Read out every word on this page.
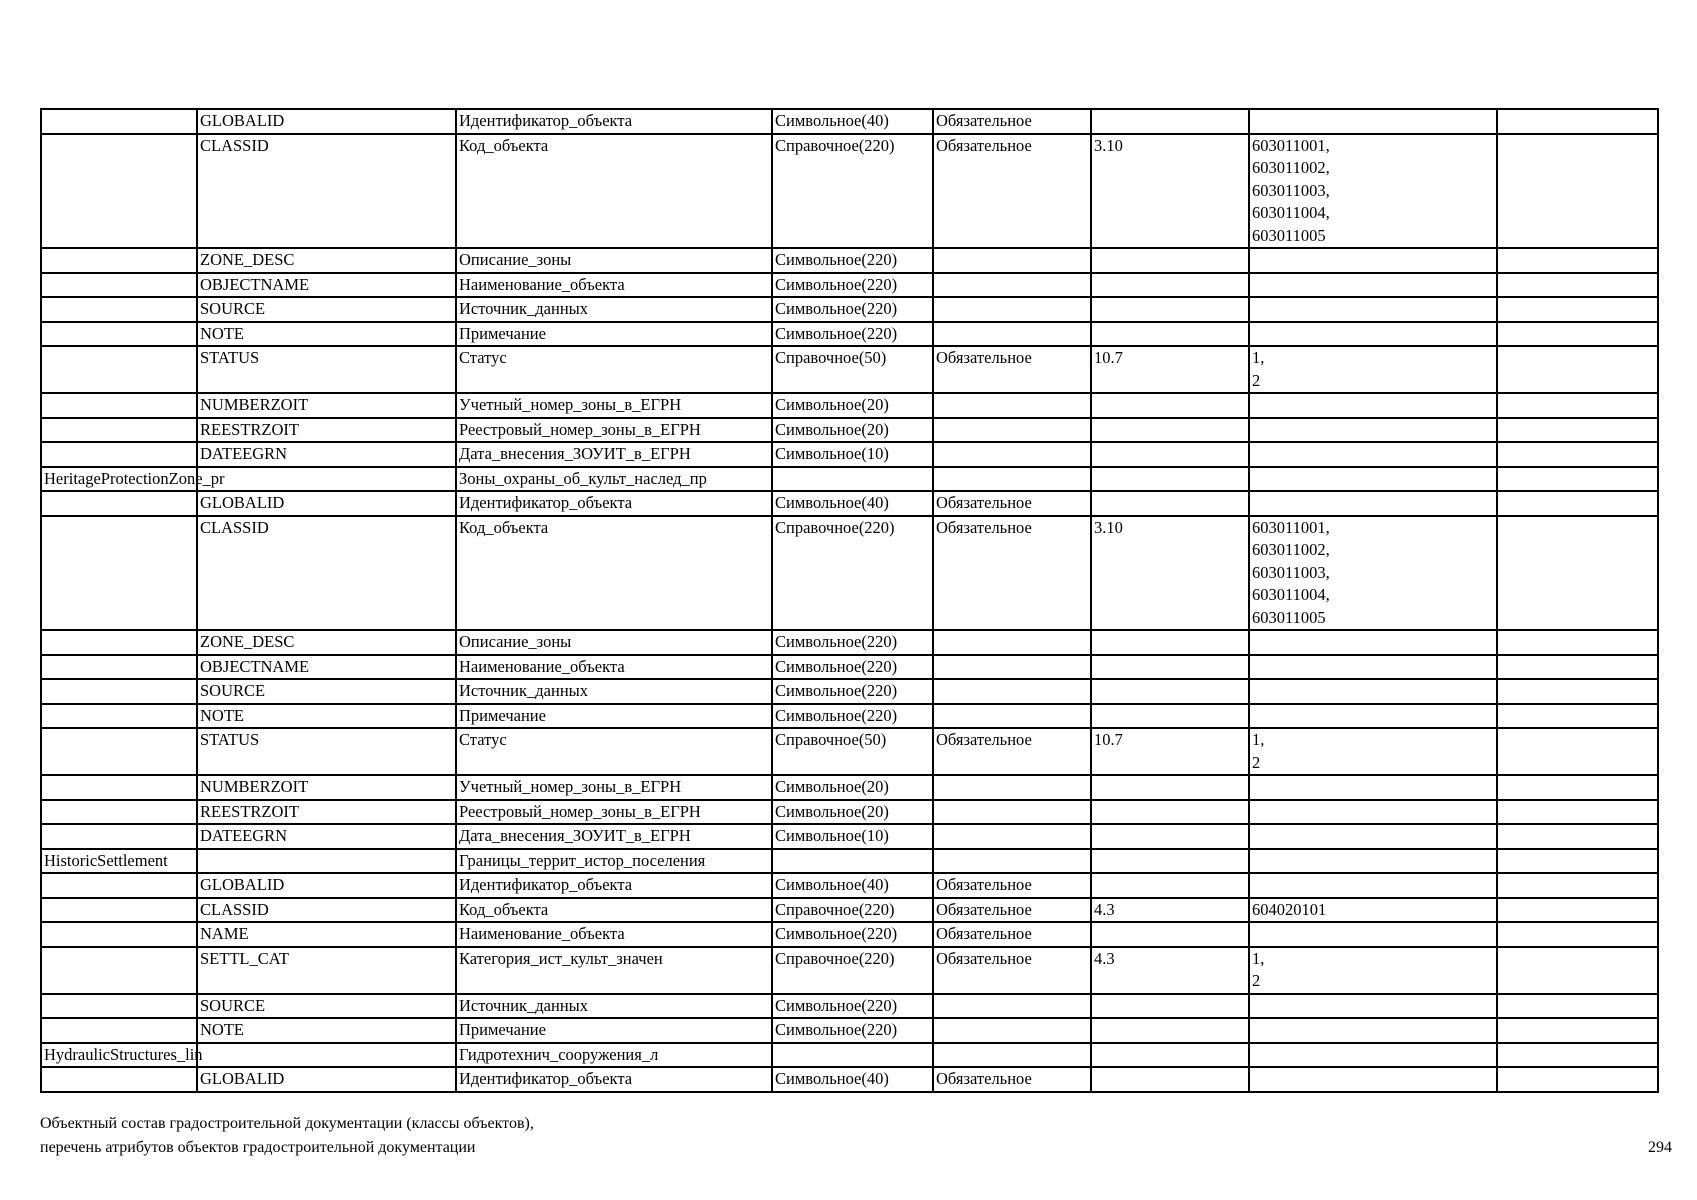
	GLOBALID	Идентификатор_объекта	Символьное(40)	Обязательное			
	CLASSID	Код_объекта	Справочное(220)	Обязательное	3.10	603011001,
603011002,
603011003,
603011004,
603011005	
	ZONE_DESC	Описание_зоны	Символьное(220)				
	OBJECTNAME	Наименование_объекта	Символьное(220)				
	SOURCE	Источник_данных	Символьное(220)				
	NOTE	Примечание	Символьное(220)				
	STATUS	Статус	Справочное(50)	Обязательное	10.7	1,
2	
	NUMBERZOIT	Учетный_номер_зоны_в_ЕГРН	Символьное(20)				
	REESTRZOIT	Реестровый_номер_зоны_в_ЕГРН	Символьное(20)				
	DATEEGRN	Дата_внесения_ЗОУИТ_в_ЕГРН	Символьное(10)				
HeritageProtectionZone_pr		Зоны_охраны_об_культ_наслед_пр					
	GLOBALID	Идентификатор_объекта	Символьное(40)	Обязательное			
	CLASSID	Код_объекта	Справочное(220)	Обязательное	3.10	603011001,
603011002,
603011003,
603011004,
603011005	
	ZONE_DESC	Описание_зоны	Символьное(220)				
	OBJECTNAME	Наименование_объекта	Символьное(220)				
	SOURCE	Источник_данных	Символьное(220)				
	NOTE	Примечание	Символьное(220)				
	STATUS	Статус	Справочное(50)	Обязательное	10.7	1,
2	
	NUMBERZOIT	Учетный_номер_зоны_в_ЕГРН	Символьное(20)				
	REESTRZOIT	Реестровый_номер_зоны_в_ЕГРН	Символьное(20)				
	DATEEGRN	Дата_внесения_ЗОУИТ_в_ЕГРН	Символьное(10)				
HistoricSettlement		Границы_террит_истор_поселения					
	GLOBALID	Идентификатор_объекта	Символьное(40)	Обязательное			
	CLASSID	Код_объекта	Справочное(220)	Обязательное	4.3	604020101	
	NAME	Наименование_объекта	Символьное(220)	Обязательное			
	SETTL_CAT	Категория_ист_культ_значен	Справочное(220)	Обязательное	4.3	1,
2	
	SOURCE	Источник_данных	Символьное(220)				
	NOTE	Примечание	Символьное(220)				
HydraulicStructures_lin		Гидротехнич_сооружения_л					
	GLOBALID	Идентификатор_объекта	Символьное(40)	Обязательное			
Объектный состав градостроительной документации (классы объектов),
перечень атрибутов объектов градостроительной документации	294
